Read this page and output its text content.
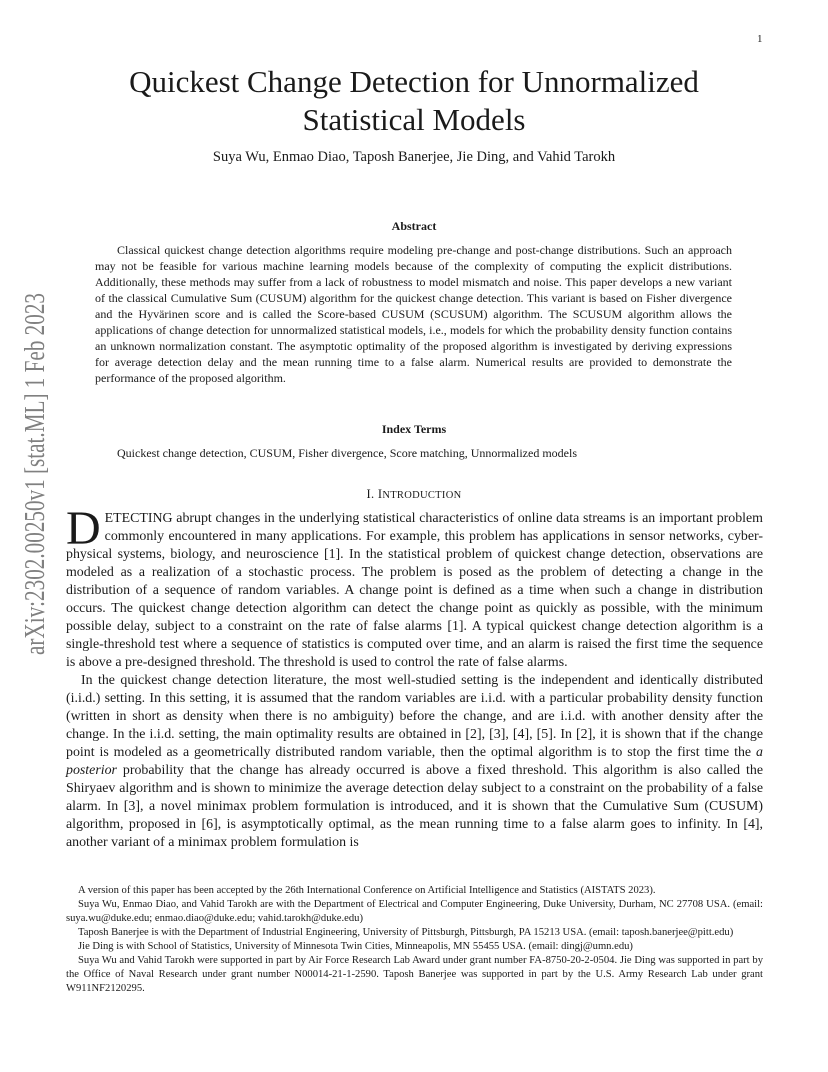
1
arXiv:2302.00250v1 [stat.ML] 1 Feb 2023
Quickest Change Detection for Unnormalized
Statistical Models
Suya Wu, Enmao Diao, Taposh Banerjee, Jie Ding, and Vahid Tarokh
Abstract

Classical quickest change detection algorithms require modeling pre-change and post-change distributions. Such an approach may not be feasible for various machine learning models because of the complexity of computing the explicit distributions. Additionally, these methods may suffer from a lack of robustness to model mismatch and noise. This paper develops a new variant of the classical Cumulative Sum (CUSUM) algorithm for the quickest change detection. This variant is based on Fisher divergence and the Hyvärinen score and is called the Score-based CUSUM (SCUSUM) algorithm. The SCUSUM algorithm allows the applications of change detection for unnormalized statistical models, i.e., models for which the probability density function contains an unknown normalization constant. The asymptotic optimality of the proposed algorithm is investigated by deriving expressions for average detection delay and the mean running time to a false alarm. Numerical results are provided to demonstrate the performance of the proposed algorithm.

Index Terms
Quickest change detection, CUSUM, Fisher divergence, Score matching, Unnormalized models
I. INTRODUCTION

DETECTING abrupt changes in the underlying statistical characteristics of online data streams is an important problem commonly encountered in many applications. For example, this problem has applications in sensor networks, cyber-physical systems, biology, and neuroscience [1]. In the statistical problem of quickest change detection, observations are modeled as a realization of a stochastic process. The problem is posed as the problem of detecting a change in the distribution of a sequence of random variables. A change point is defined as a time when such a change in distribution occurs. The quickest change detection algorithm can detect the change point as quickly as possible, with the minimum possible delay, subject to a constraint on the rate of false alarms [1]. A typical quickest change detection algorithm is a single-threshold test where a sequence of statistics is computed over time, and an alarm is raised the first time the sequence is above a pre-designed threshold. The threshold is used to control the rate of false alarms.

In the quickest change detection literature, the most well-studied setting is the independent and identically distributed (i.i.d.) setting. In this setting, it is assumed that the random variables are i.i.d. with a particular probability density function (written in short as density when there is no ambiguity) before the change, and are i.i.d. with another density after the change. In the i.i.d. setting, the main optimality results are obtained in [2], [3], [4], [5]. In [2], it is shown that if the change point is modeled as a geometrically distributed random variable, then the optimal algorithm is to stop the first time the a posterior probability that the change has already occurred is above a fixed threshold. This algorithm is also called the Shiryaev algorithm and is shown to minimize the average detection delay subject to a constraint on the probability of a false alarm. In [3], a novel minimax problem formulation is introduced, and it is shown that the Cumulative Sum (CUSUM) algorithm, proposed in [6], is asymptotically optimal, as the mean running time to a false alarm goes to infinity. In [4], another variant of a minimax problem formulation is

A version of this paper has been accepted by the 26th International Conference on Artificial Intelligence and Statistics (AISTATS 2023).

Suya Wu, Enmao Diao, and Vahid Tarokh are with the Department of Electrical and Computer Engineering, Duke University, Durham, NC 27708 USA. (email: suya.wu@duke.edu; enmao.diao@duke.edu; vahid.tarokh@duke.edu)

Taposh Banerjee is with the Department of Industrial Engineering, University of Pittsburgh, Pittsburgh, PA 15213 USA. (email: taposh.banerjee@pitt.edu)

Jie Ding is with School of Statistics, University of Minnesota Twin Cities, Minneapolis, MN 55455 USA. (email: dingj@umn.edu)

Suya Wu and Vahid Tarokh were supported in part by Air Force Research Lab Award under grant number FA-8750-20-2-0504. Jie Ding was supported in part by the Office of Naval Research under grant number N00014-21-1-2590. Taposh Banerjee was supported in part by the U.S. Army Research Lab under grant W911NF2120295.
